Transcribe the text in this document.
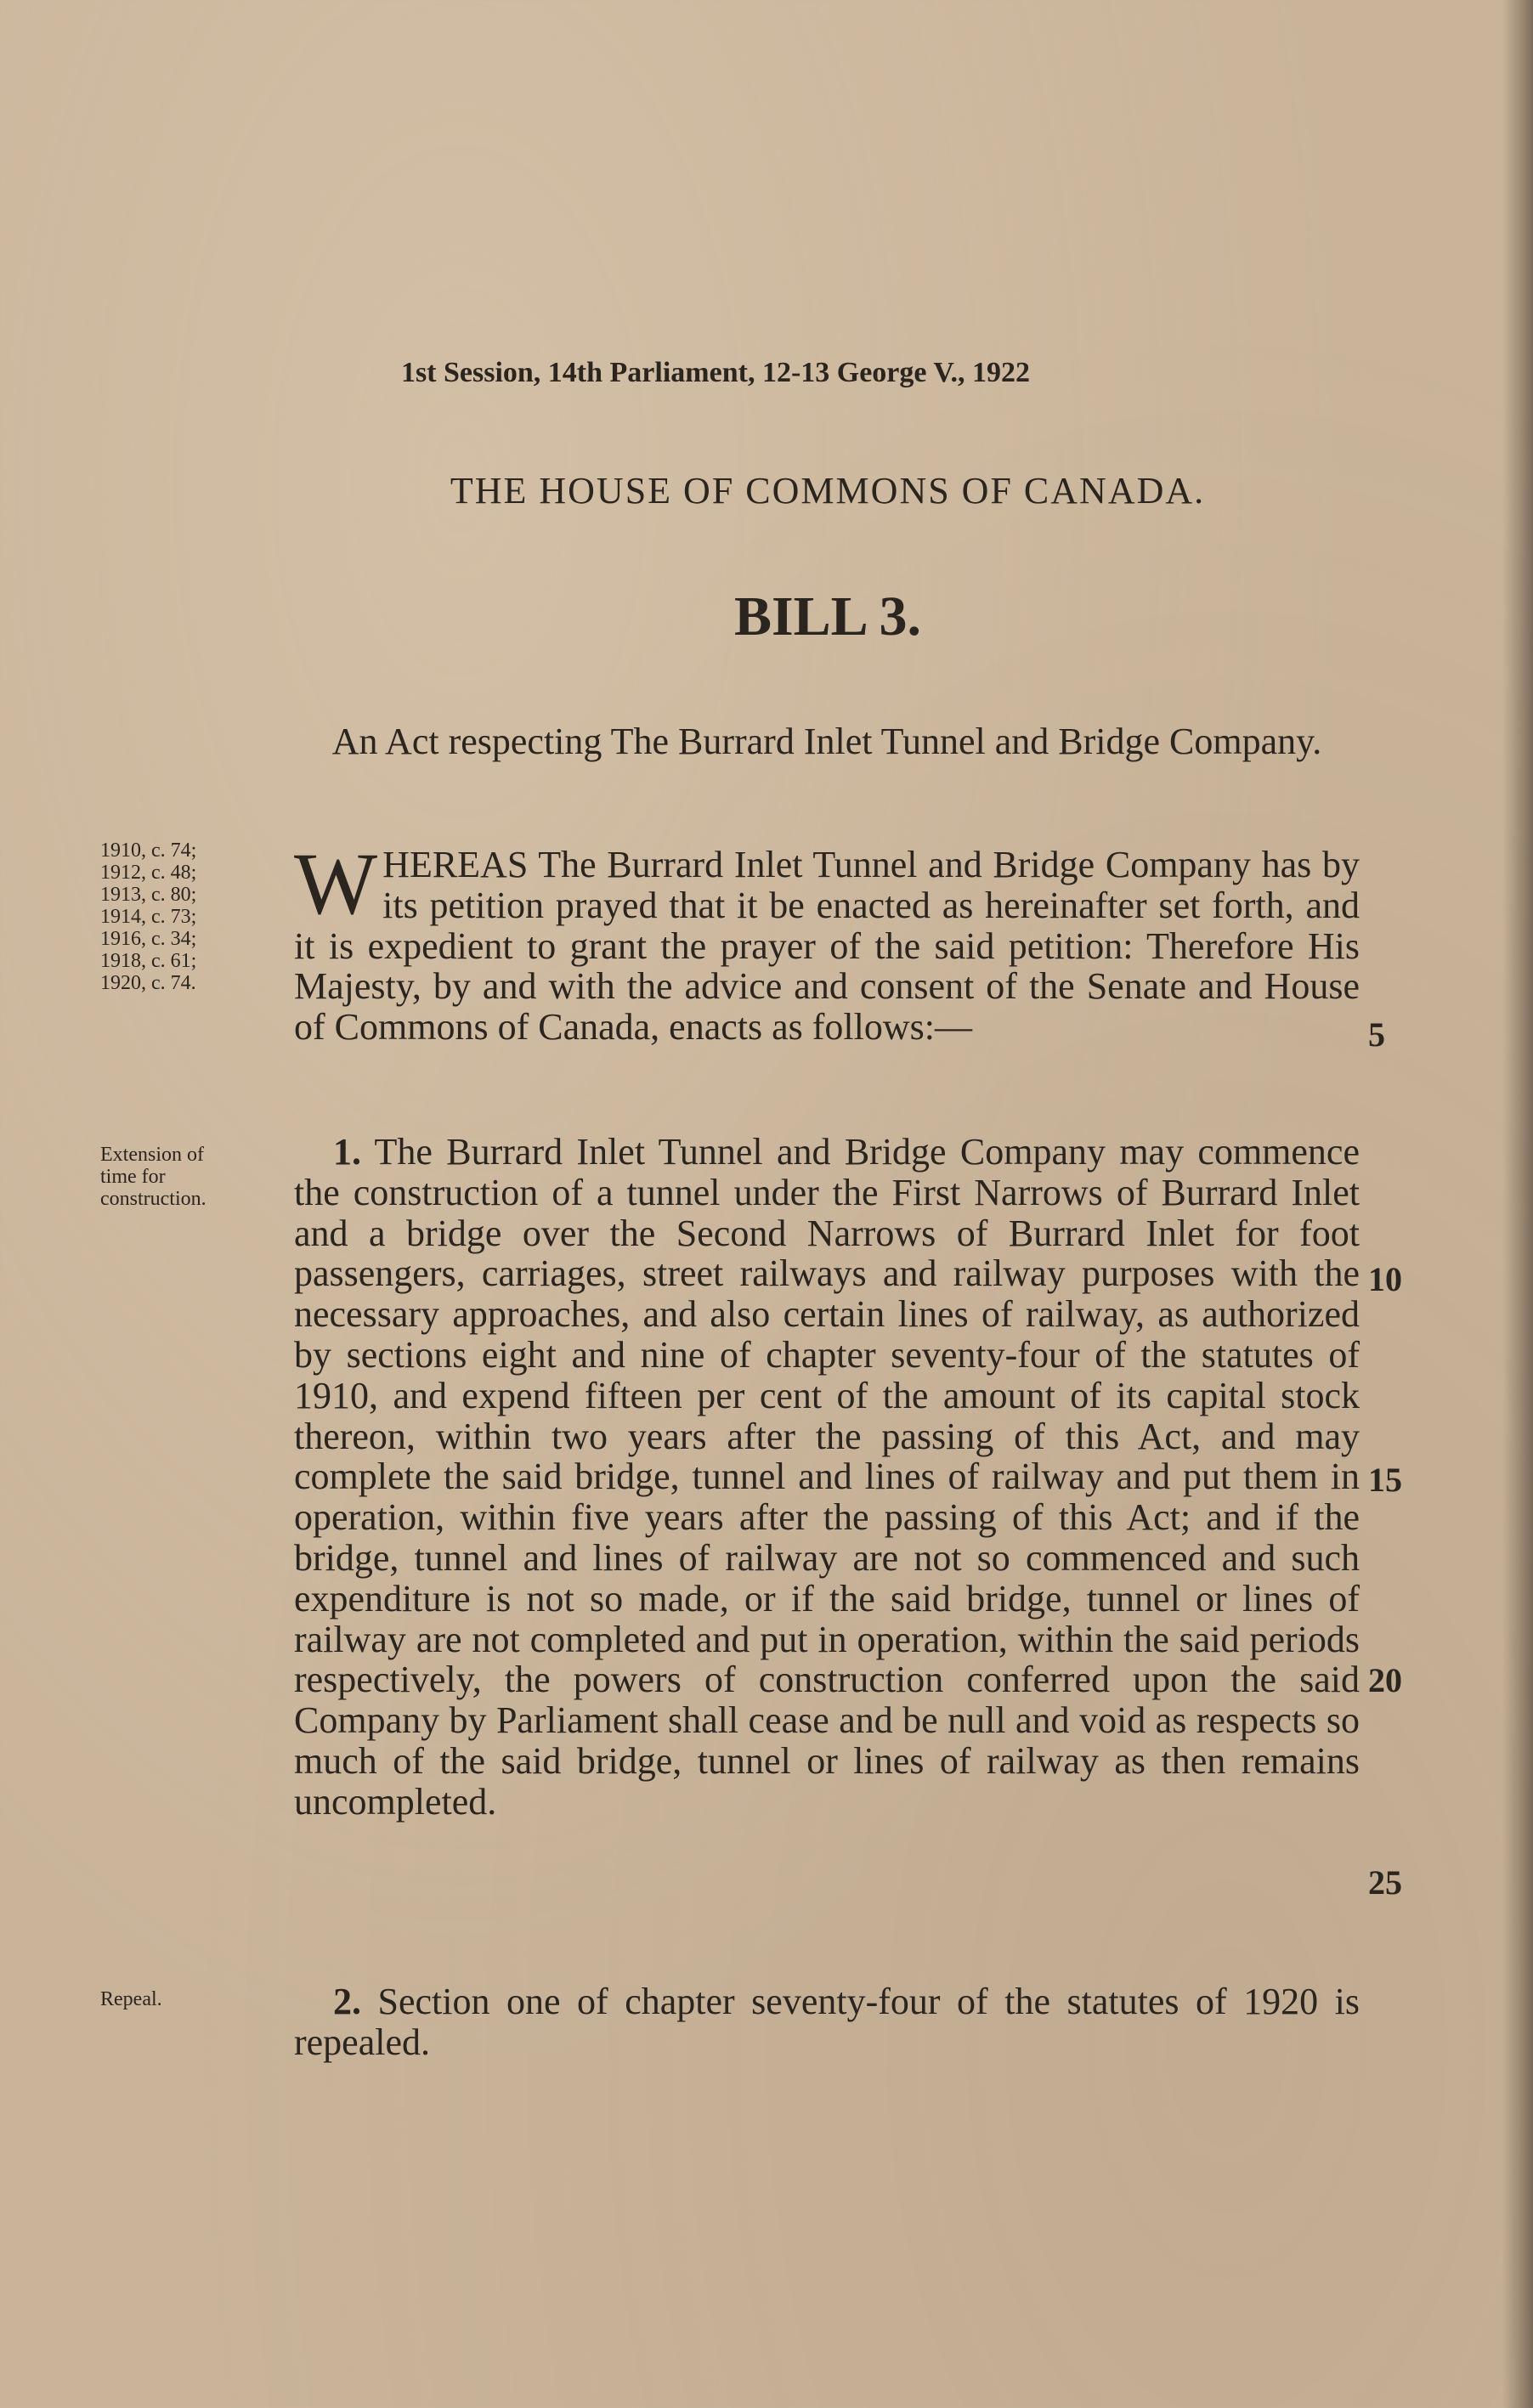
1st Session, 14th Parliament, 12-13 George V., 1922
THE HOUSE OF COMMONS OF CANADA.
BILL 3.
An Act respecting The Burrard Inlet Tunnel and Bridge Company.
1910, c. 74;
1912, c. 48;
1913, c. 80;
1914, c. 73;
1916, c. 34;
1918, c. 61;
1920, c. 74.
Extension of
time for
construction.
Repeal.
WHEREAS The Burrard Inlet Tunnel and Bridge Company has by its petition prayed that it be enacted as hereinafter set forth, and it is expedient to grant the prayer of the said petition: Therefore His Majesty, by and with the advice and consent of the Senate and House of Commons of Canada, enacts as follows:—
1. The Burrard Inlet Tunnel and Bridge Company may commence the construction of a tunnel under the First Narrows of Burrard Inlet and a bridge over the Second Narrows of Burrard Inlet for foot passengers, carriages, street railways and railway purposes with the necessary approaches, and also certain lines of railway, as authorized by sections eight and nine of chapter seventy-four of the statutes of 1910, and expend fifteen per cent of the amount of its capital stock thereon, within two years after the passing of this Act, and may complete the said bridge, tunnel and lines of railway and put them in operation, within five years after the passing of this Act; and if the bridge, tunnel and lines of railway are not so commenced and such expenditure is not so made, or if the said bridge, tunnel or lines of railway are not completed and put in operation, within the said periods respectively, the powers of construction conferred upon the said Company by Parliament shall cease and be null and void as respects so much of the said bridge, tunnel or lines of railway as then remains uncompleted.
2. Section one of chapter seventy-four of the statutes of 1920 is repealed.
5
10
15
20
25
